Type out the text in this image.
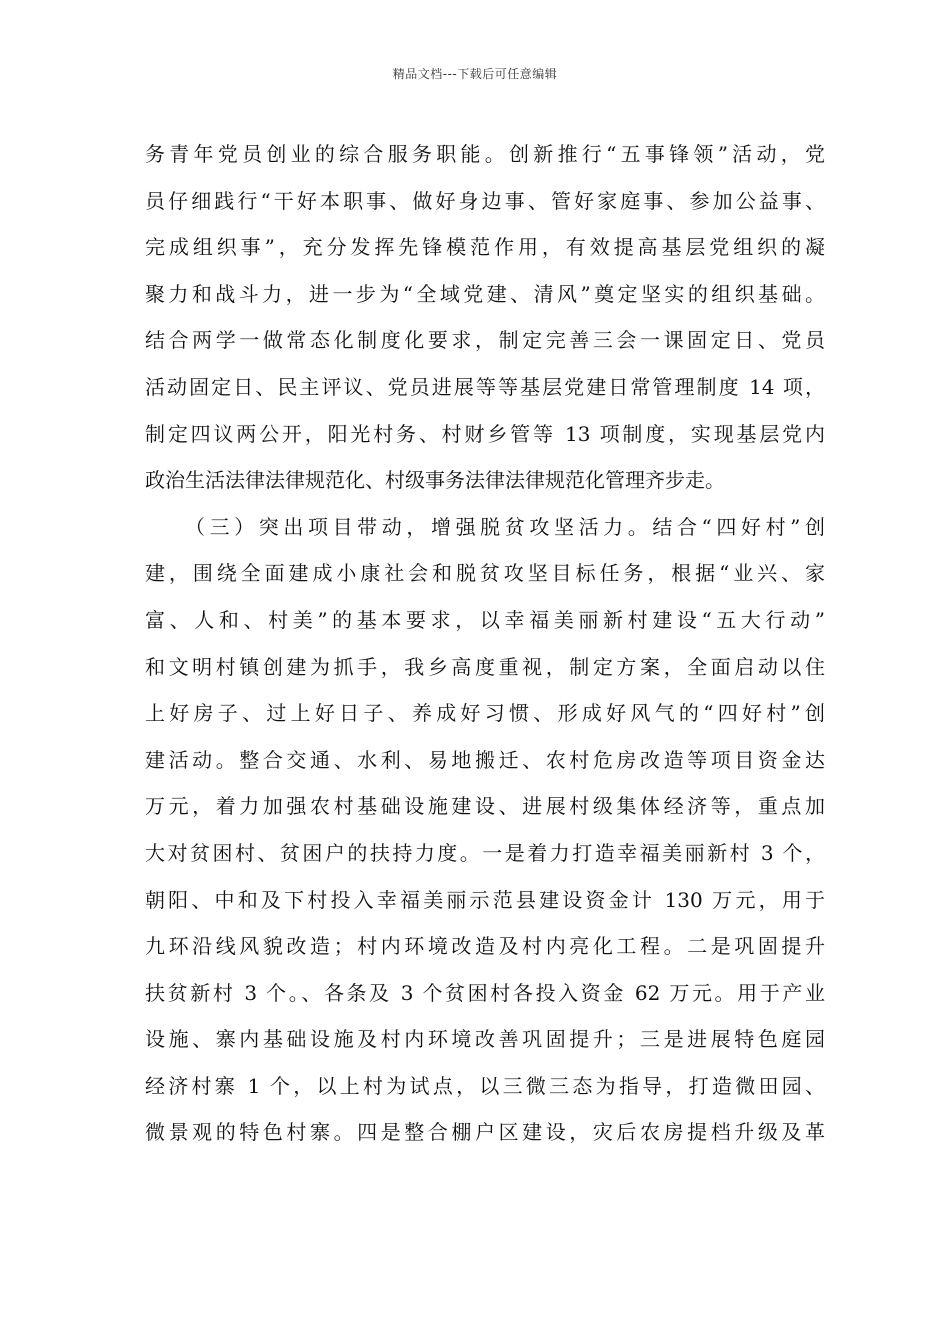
精品文档---下载后可任意编辑
务青年党员创业的综合服务职能。创新推行“五事锋领”活动，党
员仔细践行“干好本职事、做好身边事、管好家庭事、参加公益事、
完成组织事”，充分发挥先锋模范作用，有效提高基层党组织的凝
聚力和战斗力，进一步为“全域党建、清风”奠定坚实的组织基础。
结合两学一做常态化制度化要求，制定完善三会一课固定日、党员
活动固定日、民主评议、党员进展等等基层党建日常管理制度 14 项，
制定四议两公开，阳光村务、村财乡管等 13 项制度，实现基层党内
政治生活法律法律规范化、村级事务法律法律规范化管理齐步走。
（三）突出项目带动，增强脱贫攻坚活力。结合“四好村”创
建，围绕全面建成小康社会和脱贫攻坚目标任务，根据“业兴、家
富、人和、村美”的基本要求，以幸福美丽新村建设“五大行动”
和文明村镇创建为抓手，我乡高度重视，制定方案，全面启动以住
上好房子、过上好日子、养成好习惯、形成好风气的“四好村”创
建活动。整合交通、水利、易地搬迁、农村危房改造等项目资金达
万元，着力加强农村基础设施建设、进展村级集体经济等，重点加
大对贫困村、贫困户的扶持力度。一是着力打造幸福美丽新村 3 个，
朝阳、中和及下村投入幸福美丽示范县建设资金计 130 万元，用于
九环沿线风貌改造；村内环境改造及村内亮化工程。二是巩固提升
扶贫新村 3 个。、各条及 3 个贫困村各投入资金 62 万元。用于产业
设施、寨内基础设施及村内环境改善巩固提升；三是进展特色庭园
经济村寨 1 个，以上村为试点，以三微三态为指导，打造微田园、
微景观的特色村寨。四是整合棚户区建设，灾后农房提档升级及革
